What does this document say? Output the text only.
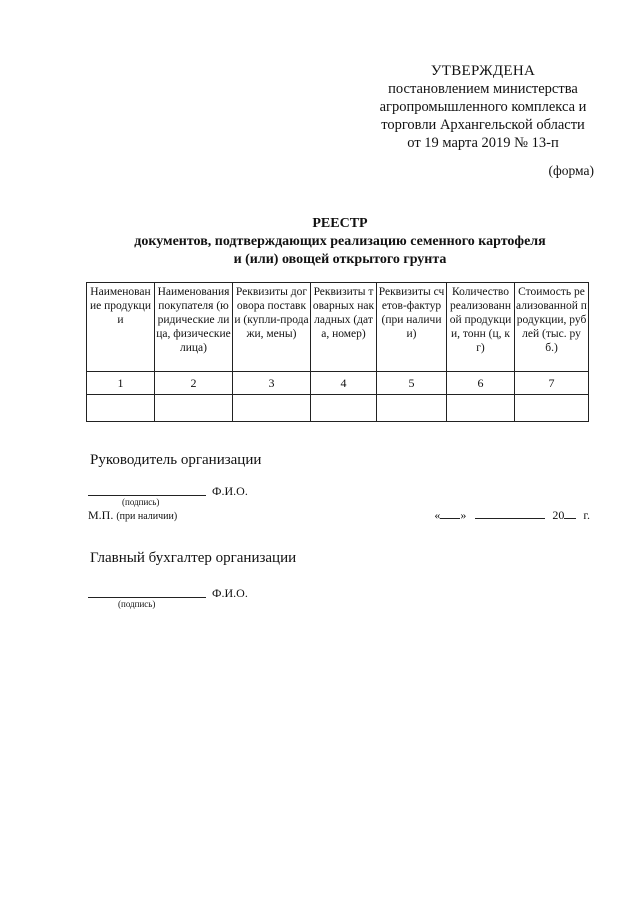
УТВЕРЖДЕНА
постановлением министерства
агропромышленного комплекса и
торговли Архангельской области
от 19 марта 2019 № 13-п
(форма)
РЕЕСТР
документов, подтверждающих реализацию семенного картофеля
и (или) овощей открытого грунта
Наименование продукции	Наименования покупателя (юридические лица, физические лица)	Реквизиты договора поставки (купли-продажи, мены)	Реквизиты товарных накладных (дата, номер)	Реквизиты счетов-фактур (при наличии)	Количество реализованной продукции, тонн (ц, кг)	Стоимость реализованной продукции, рублей (тыс. руб.)
1	2	3	4	5	6	7

Руководитель организации
Ф.И.О.
(подпись)
М.П. (при наличии)	« »	20 г.
Главный бухгалтер организации
Ф.И.О.
(подпись)
